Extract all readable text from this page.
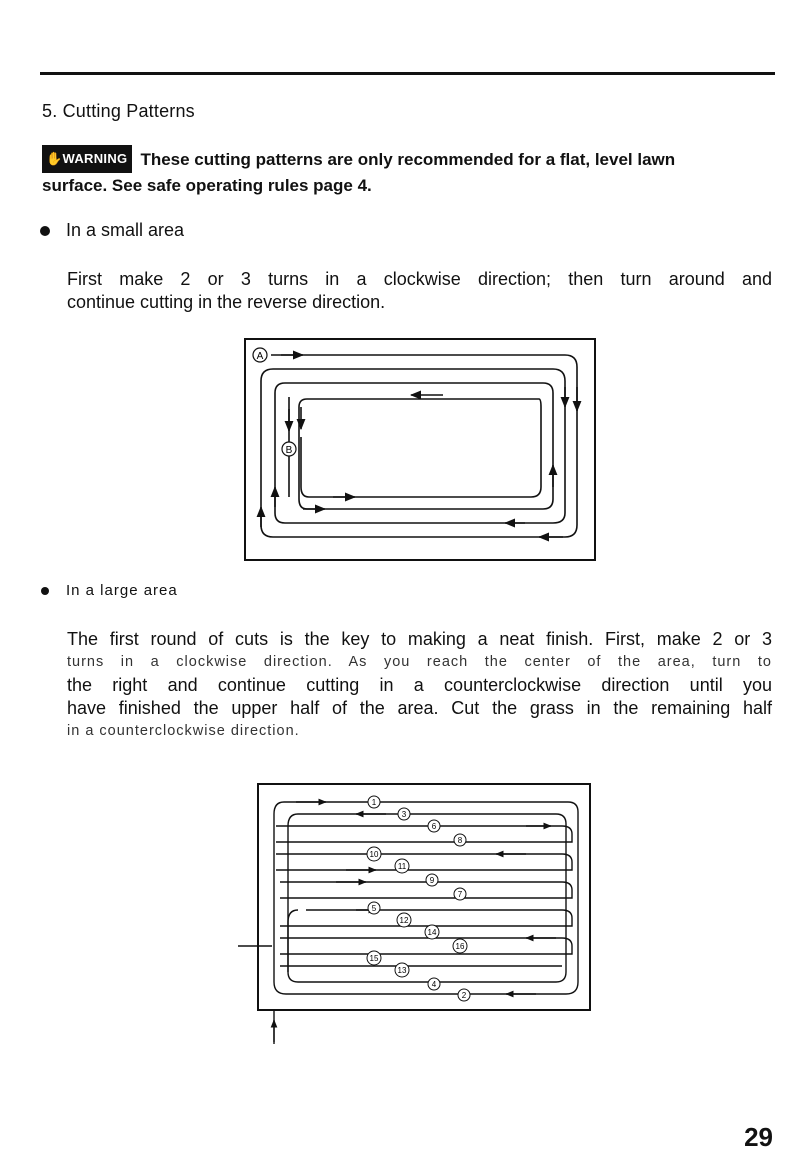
5. Cutting Patterns
✋WARNING These cutting patterns are only recommended for a flat, level lawn
surface. See safe operating rules page 4.
In a small area
First make 2 or 3 turns in a clockwise direction; then turn around and
continue cutting in the reverse direction.
A
B
In a large area
The first round of cuts is the key to making a neat finish. First, make 2 or 3
turns in a clockwise direction. As you reach the center of the area, turn to
the right and continue cutting in a counterclockwise direction until you
have finished the upper half of the area. Cut the grass in the remaining half
in a counterclockwise direction.
1
3
6
8
10
11
9
7
5
12
14
16
15
13
4
2
29
